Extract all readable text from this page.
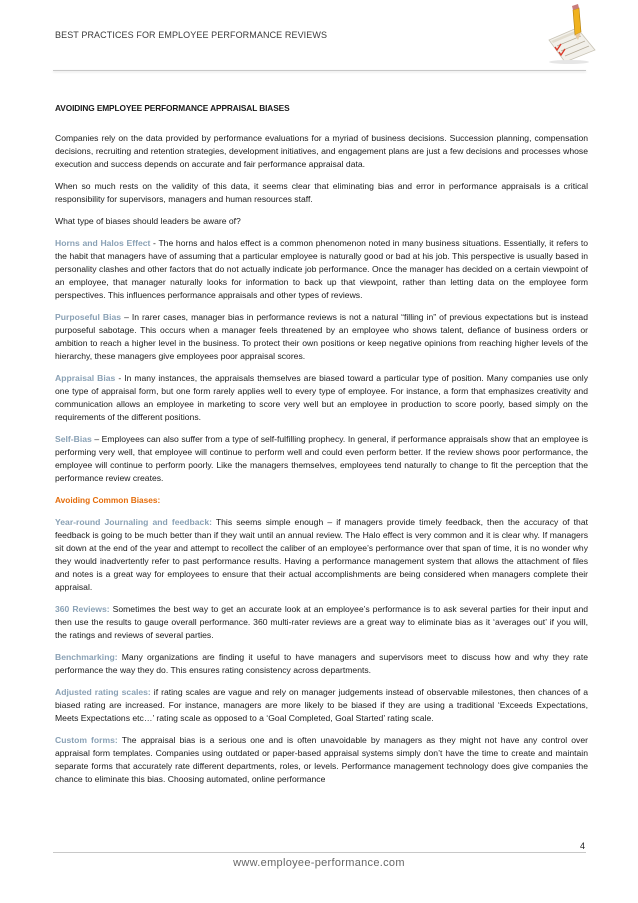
BEST PRACTICES FOR EMPLOYEE PERFORMANCE REVIEWS

AVOIDING EMPLOYEE PERFORMANCE APPRAISAL BIASES

Companies rely on the data provided by performance evaluations for a myriad of business decisions. Succession planning, compensation decisions, recruiting and retention strategies, development initiatives, and engagement plans are just a few decisions and processes whose execution and success depends on accurate and fair performance appraisal data.

When so much rests on the validity of this data, it seems clear that eliminating bias and error in performance appraisals is a critical responsibility for supervisors, managers and human resources staff.

What type of biases should leaders be aware of?

Horns and Halos Effect - The horns and halos effect is a common phenomenon noted in many business situations. Essentially, it refers to the habit that managers have of assuming that a particular employee is naturally good or bad at his job. This perspective is usually based in personality clashes and other factors that do not actually indicate job performance. Once the manager has decided on a certain viewpoint of an employee, that manager naturally looks for information to back up that viewpoint, rather than letting data on the employee form perspectives. This influences performance appraisals and other types of reviews.

Purposeful Bias – In rarer cases, manager bias in performance reviews is not a natural “filling in” of previous expectations but is instead purposeful sabotage. This occurs when a manager feels threatened by an employee who shows talent, defiance of business orders or ambition to reach a higher level in the business. To protect their own positions or keep negative opinions from reaching higher levels of the hierarchy, these managers give employees poor appraisal scores.

Appraisal Bias - In many instances, the appraisals themselves are biased toward a particular type of position. Many companies use only one type of appraisal form, but one form rarely applies well to every type of employee. For instance, a form that emphasizes creativity and communication allows an employee in marketing to score very well but an employee in production to score poorly, based simply on the requirements of the different positions.

Self-Bias – Employees can also suffer from a type of self-fulfilling prophecy. In general, if performance appraisals show that an employee is performing very well, that employee will continue to perform well and could even perform better. If the review shows poor performance, the employee will continue to perform poorly. Like the managers themselves, employees tend naturally to change to fit the perception that the performance review creates.

Avoiding Common Biases:

Year-round Journaling and feedback: This seems simple enough – if managers provide timely feedback, then the accuracy of that feedback is going to be much better than if they wait until an annual review. The Halo effect is very common and it is clear why. If managers sit down at the end of the year and attempt to recollect the caliber of an employee’s performance over that span of time, it is no wonder why they would inadvertently refer to past performance results. Having a performance management system that allows the attachment of files and notes is a great way for employees to ensure that their actual accomplishments are being considered when managers complete their appraisal.

360 Reviews: Sometimes the best way to get an accurate look at an employee’s performance is to ask several parties for their input and then use the results to gauge overall performance. 360 multi-rater reviews are a great way to eliminate bias as it ‘averages out’ if you will, the ratings and reviews of several parties.

Benchmarking: Many organizations are finding it useful to have managers and supervisors meet to discuss how and why they rate performance the way they do. This ensures rating consistency across departments.

Adjusted rating scales: if rating scales are vague and rely on manager judgements instead of observable milestones, then chances of a biased rating are increased. For instance, managers are more likely to be biased if they are using a traditional ‘Exceeds Expectations, Meets Expectations etc…’ rating scale as opposed to a ‘Goal Completed, Goal Started’ rating scale.

Custom forms: The appraisal bias is a serious one and is often unavoidable by managers as they might not have any control over appraisal form templates. Companies using outdated or paper-based appraisal systems simply don’t have the time to create and maintain separate forms that accurately rate different departments, roles, or levels. Performance management technology does give companies the chance to eliminate this bias. Choosing automated, online performance

4
www.employee-performance.com
